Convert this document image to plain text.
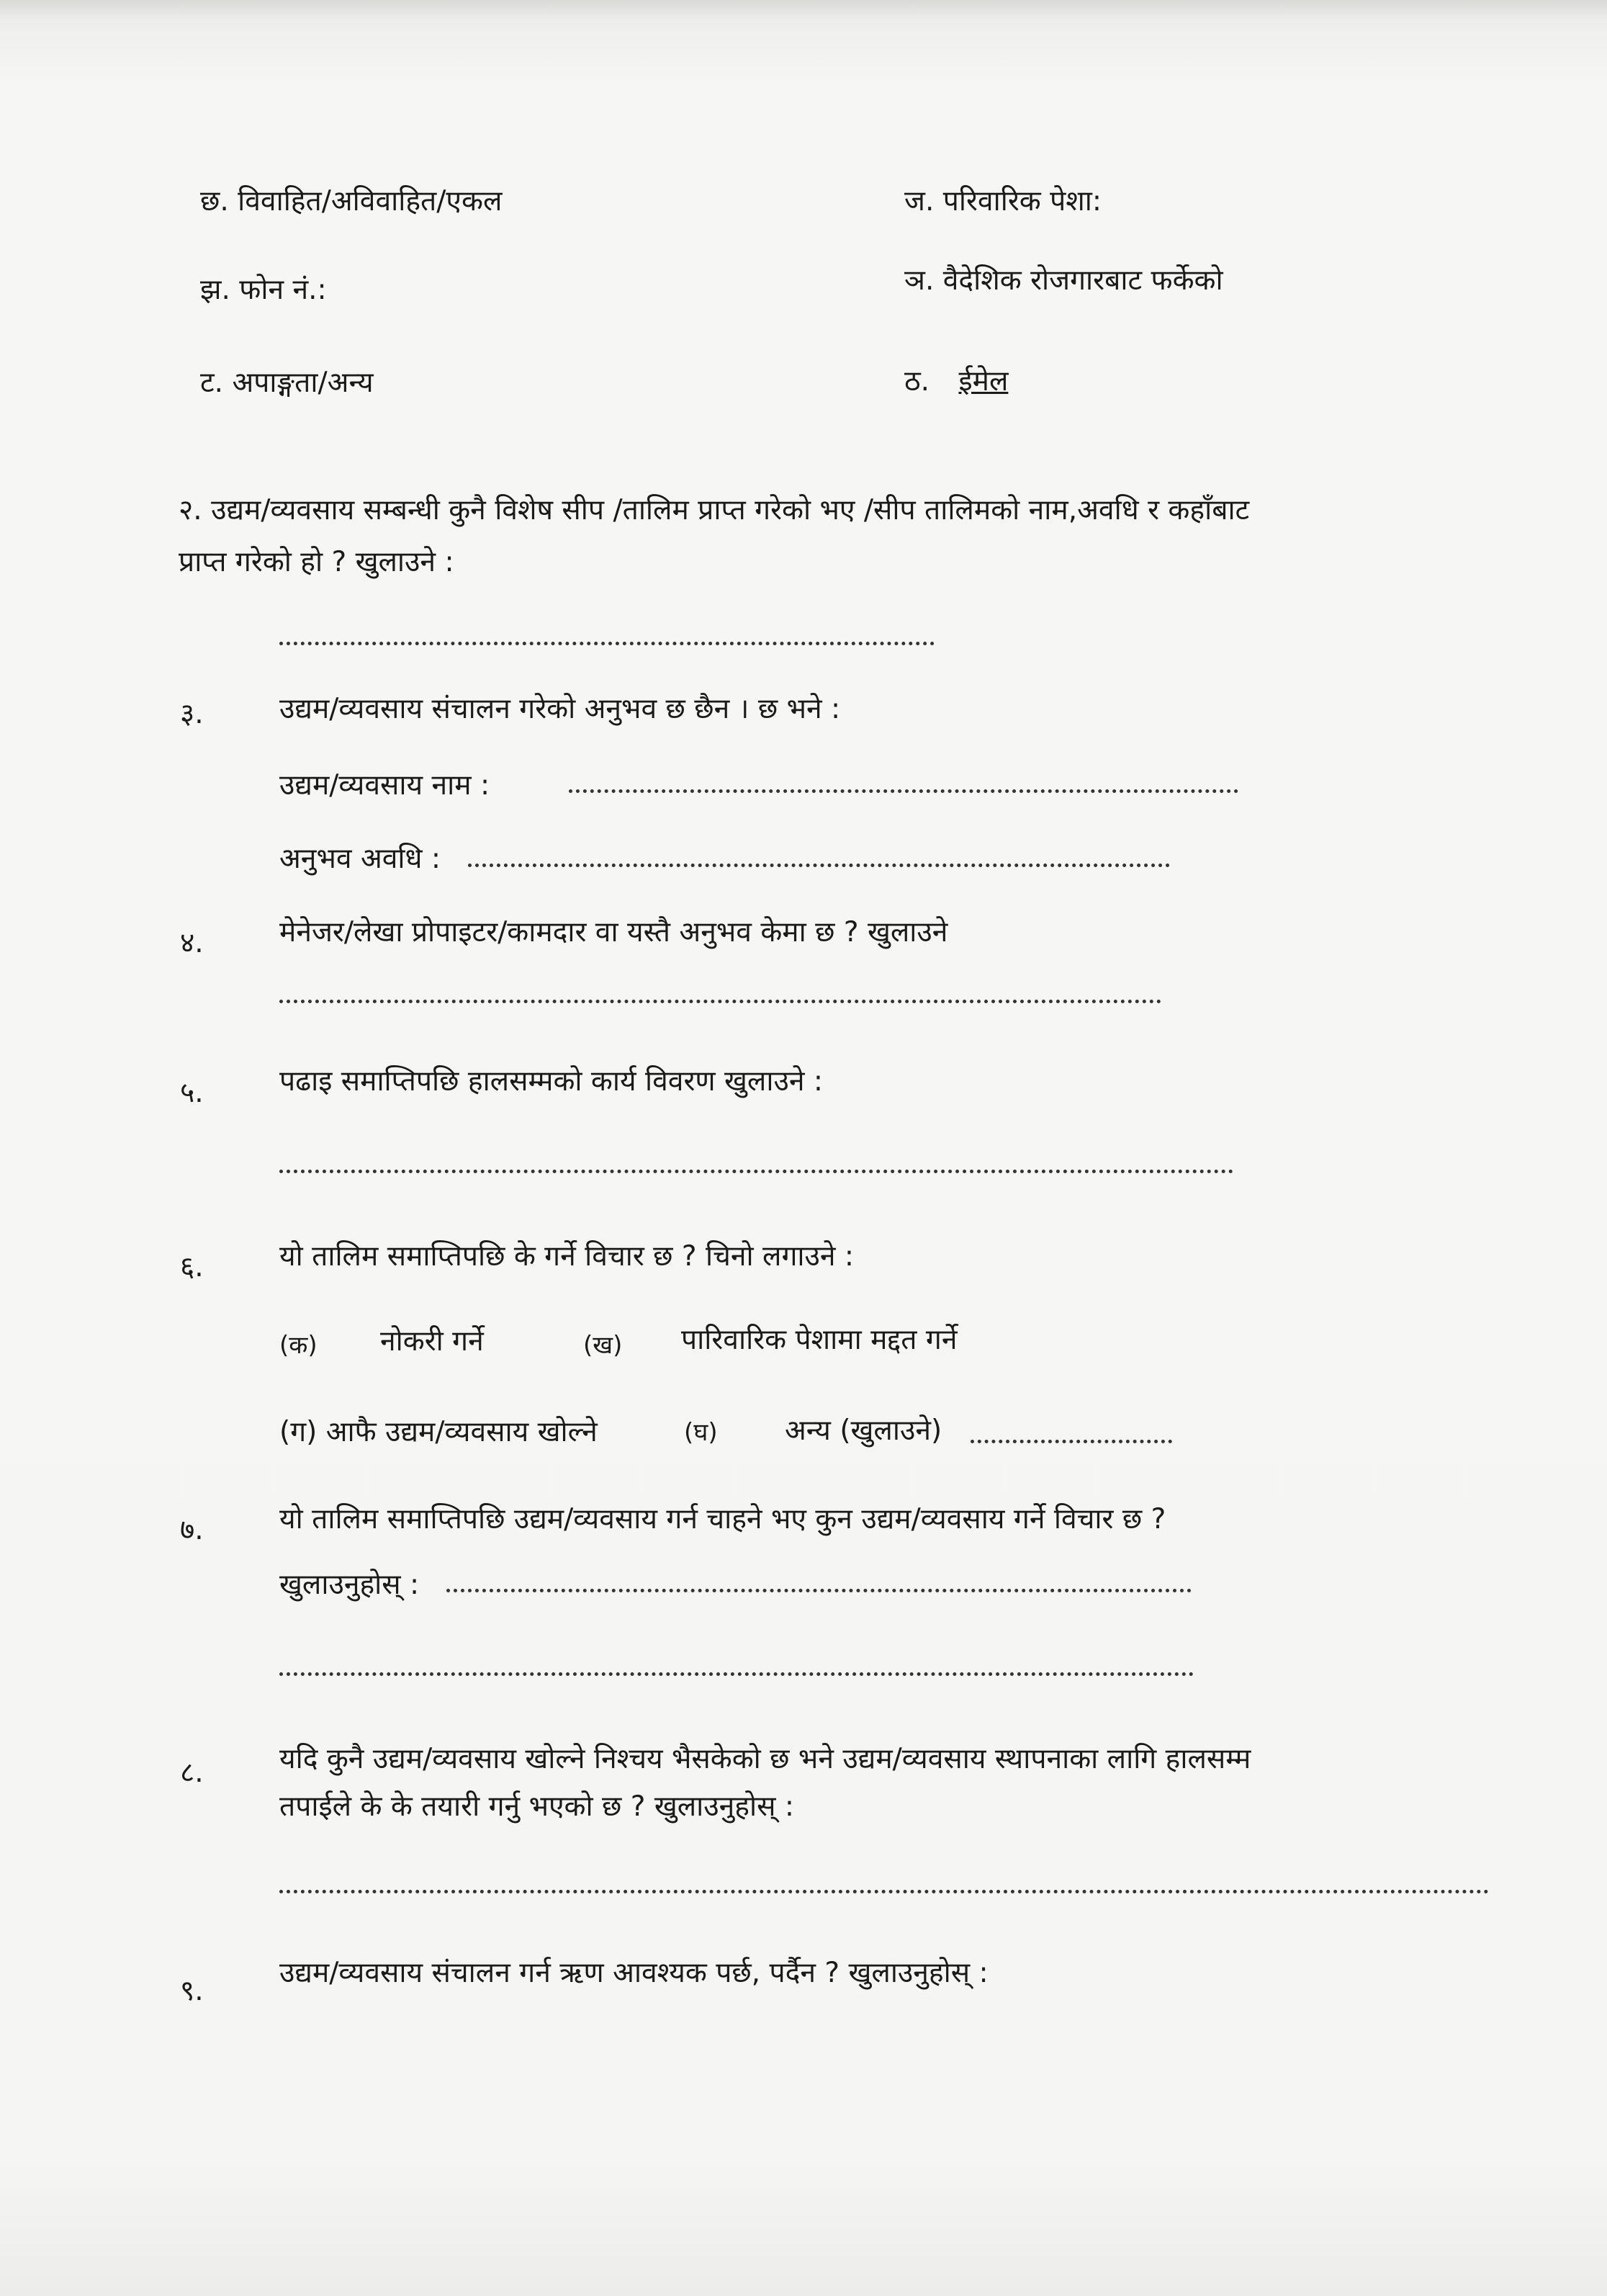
छ. विवाहित/अविवाहित/एकल	ज. परिवारिक पेशा:
झ. फोन नं.:	ञ. वैदेशिक रोजगारबाट फर्केको
ट. अपाङ्गता/अन्य	ठ. ईमेल
२. उद्यम/व्यवसाय सम्बन्धी कुनै विशेष सीप /तालिम प्राप्त गरेको भए /सीप तालिमको नाम,अवधि र कहाँबाट
प्राप्त गरेको हो ? खुलाउने :
३.	उद्यम/व्यवसाय संचालन गरेको अनुभव छ छैन । छ भने :
उद्यम/व्यवसाय नाम :
अनुभव अवधि :
४.	मेनेजर/लेखा प्रोपाइटर/कामदार वा यस्तै अनुभव केमा छ ? खुलाउने
५.	पढाइ समाप्तिपछि हालसम्मको कार्य विवरण खुलाउने :
६.	यो तालिम समाप्तिपछि के गर्ने विचार छ ? चिनो लगाउने :
(क) नोकरी गर्ने	(ख) पारिवारिक पेशामा मद्दत गर्ने
(ग) आफै उद्यम/व्यवसाय खोल्ने	(घ) अन्य (खुलाउने)
७.	यो तालिम समाप्तिपछि उद्यम/व्यवसाय गर्न चाहने भए कुन उद्यम/व्यवसाय गर्ने विचार छ ?
खुलाउनुहोस् :
८.	यदि कुनै उद्यम/व्यवसाय खोल्ने निश्चय भैसकेको छ भने उद्यम/व्यवसाय स्थापनाका लागि हालसम्म
तपाईले के के तयारी गर्नु भएको छ ? खुलाउनुहोस् :
९.
उद्यम/व्यवसाय संचालन गर्न ऋण आवश्यक पर्छ, पर्दैन ? खुलाउनुहोस् :
